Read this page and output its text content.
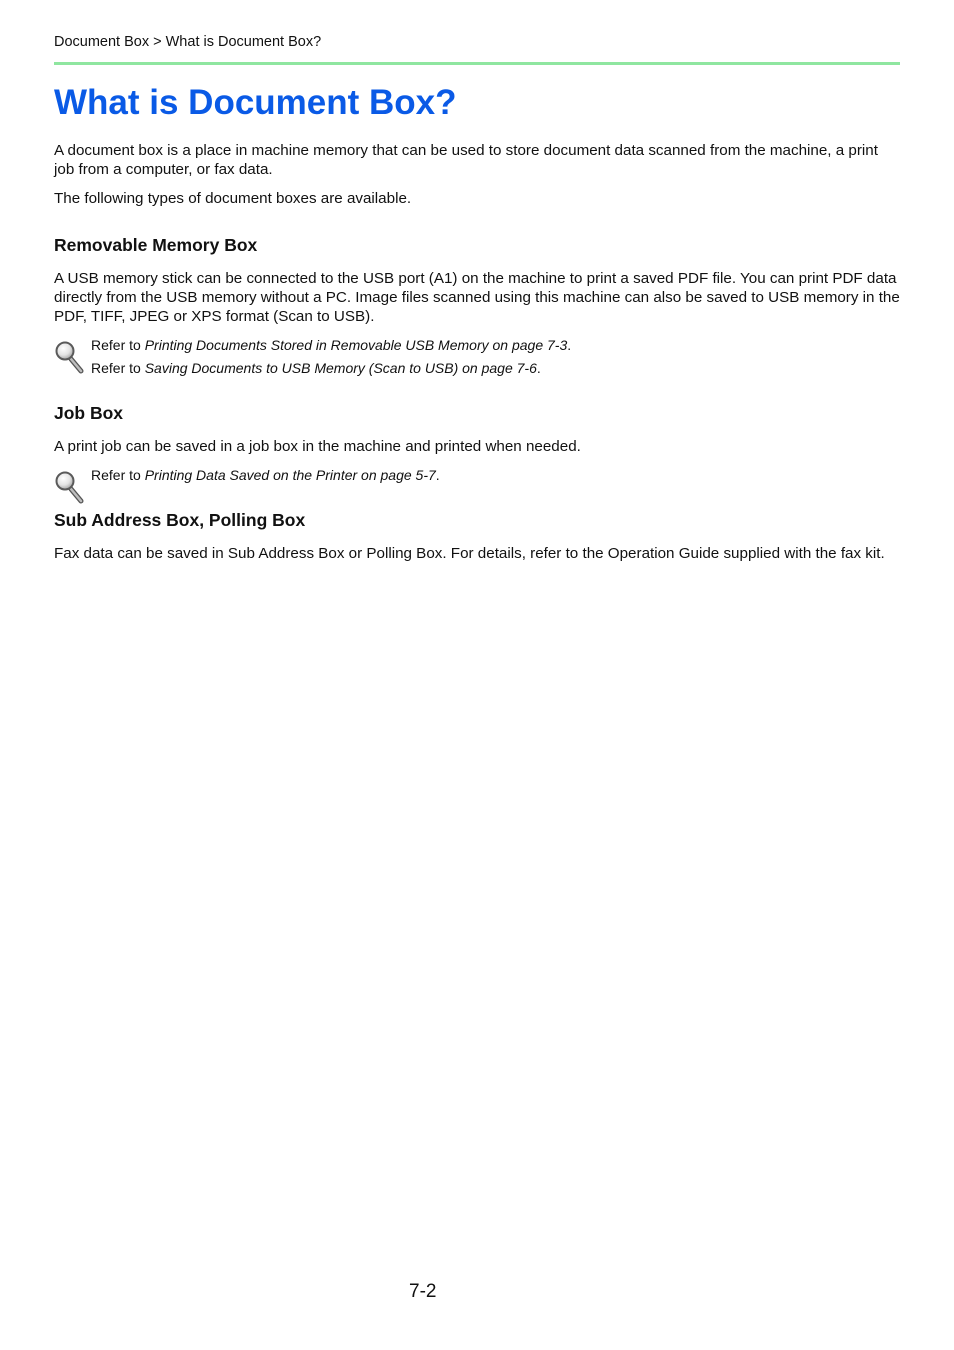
Document Box > What is Document Box?
What is Document Box?

A document box is a place in machine memory that can be used to store document data scanned from the machine, a print job from a computer, or fax data.

The following types of document boxes are available.

Removable Memory Box

A USB memory stick can be connected to the USB port (A1) on the machine to print a saved PDF file. You can print PDF data directly from the USB memory without a PC. Image files scanned using this machine can also be saved to USB memory in the PDF, TIFF, JPEG or XPS format (Scan to USB).

Refer to Printing Documents Stored in Removable USB Memory on page 7-3.
Refer to Saving Documents to USB Memory (Scan to USB) on page 7-6.
Job Box

A print job can be saved in a job box in the machine and printed when needed.

Refer to Printing Data Saved on the Printer on page 5-7.
Sub Address Box, Polling Box

Fax data can be saved in Sub Address Box or Polling Box. For details, refer to the Operation Guide supplied with the fax kit.

7-2
